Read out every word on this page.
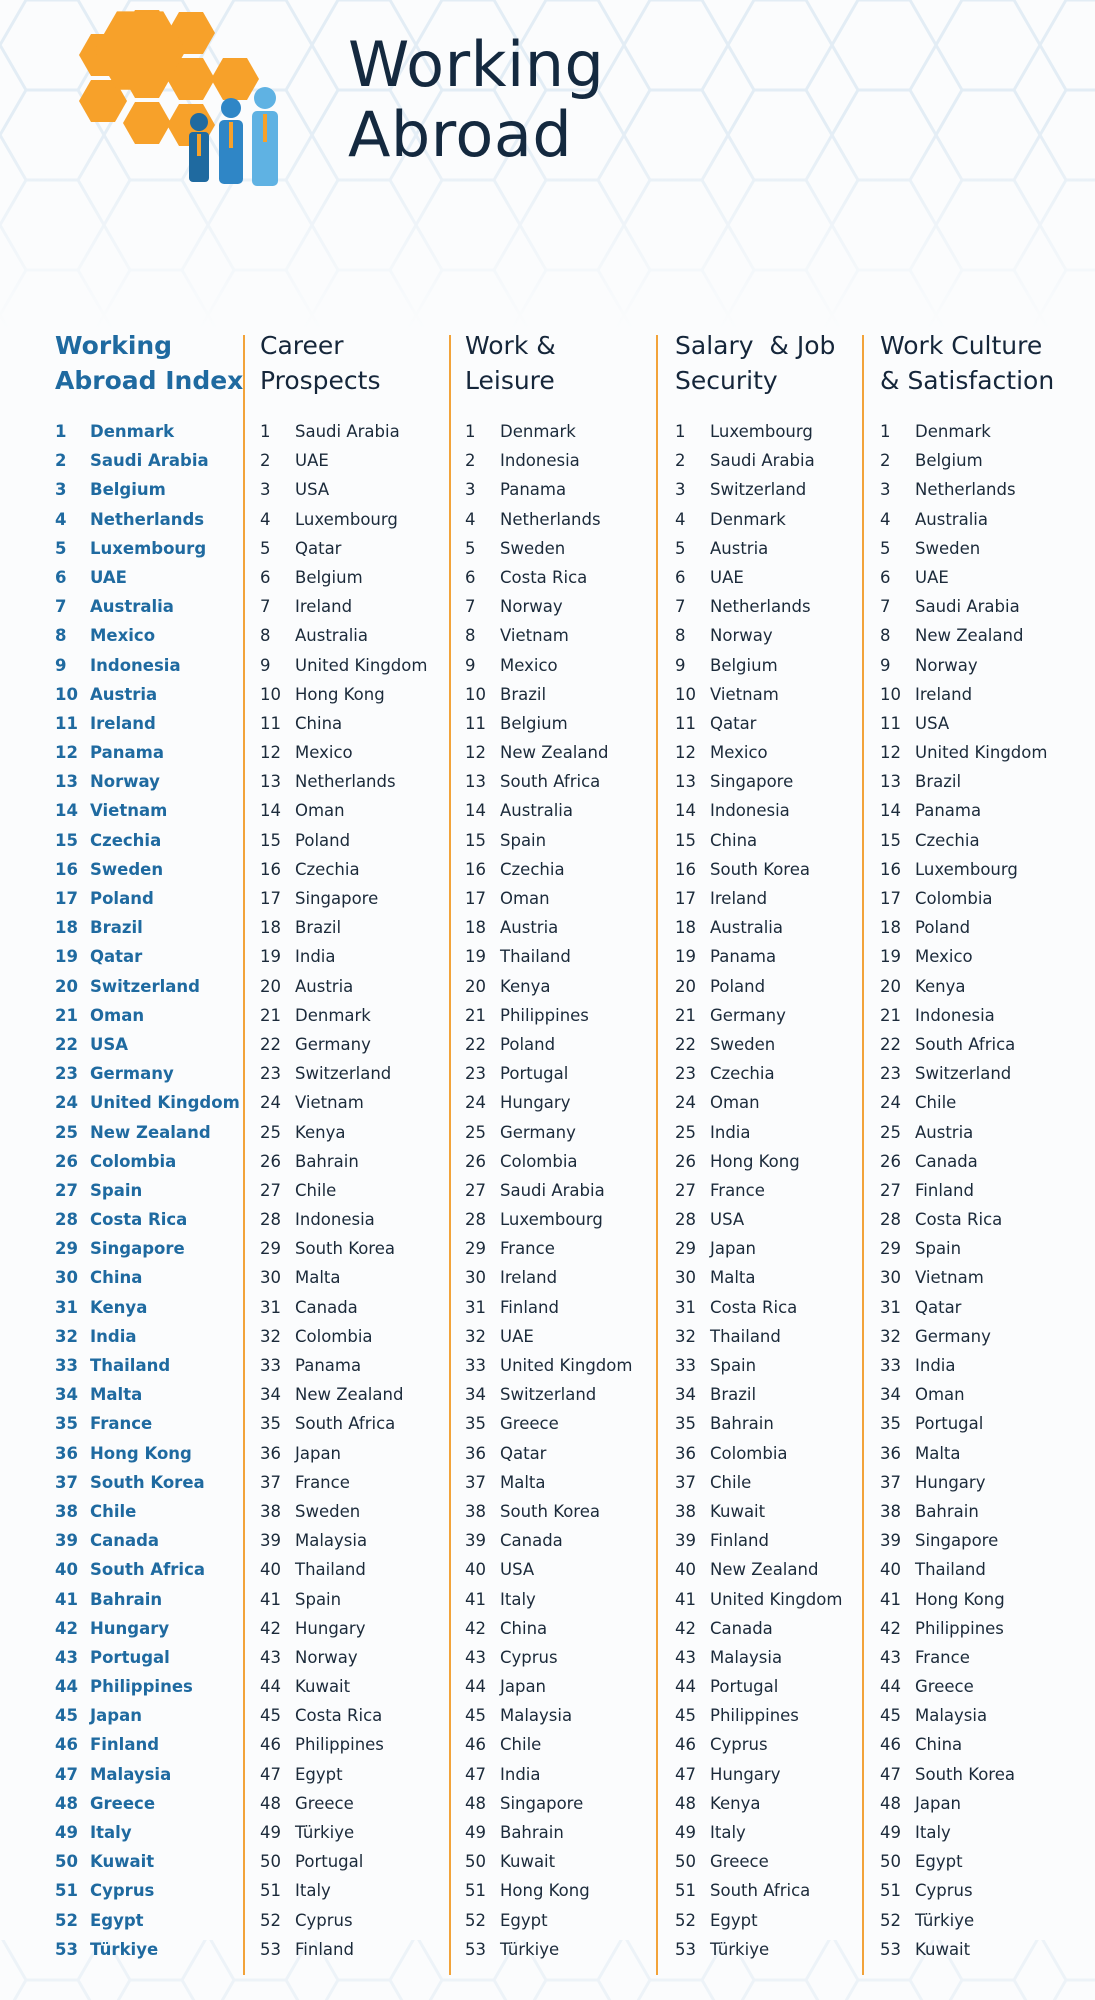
Working
Abroad
Working
Abroad Index
1 Denmark
2 Saudi Arabia
3 Belgium
4 Netherlands
5 Luxembourg
6 UAE
7 Australia
8 Mexico
9 Indonesia
10 Austria
11 Ireland
12 Panama
13 Norway
14 Vietnam
15 Czechia
16 Sweden
17 Poland
18 Brazil
19 Qatar
20 Switzerland
21 Oman
22 USA
23 Germany
24 United Kingdom
25 New Zealand
26 Colombia
27 Spain
28 Costa Rica
29 Singapore
30 China
31 Kenya
32 India
33 Thailand
34 Malta
35 France
36 Hong Kong
37 South Korea
38 Chile
39 Canada
40 South Africa
41 Bahrain
42 Hungary
43 Portugal
44 Philippines
45 Japan
46 Finland
47 Malaysia
48 Greece
49 Italy
50 Kuwait
51 Cyprus
52 Egypt
53 Türkiye
Career
Prospects
1 Saudi Arabia
2 UAE
3 USA
4 Luxembourg
5 Qatar
6 Belgium
7 Ireland
8 Australia
9 United Kingdom
10 Hong Kong
11 China
12 Mexico
13 Netherlands
14 Oman
15 Poland
16 Czechia
17 Singapore
18 Brazil
19 India
20 Austria
21 Denmark
22 Germany
23 Switzerland
24 Vietnam
25 Kenya
26 Bahrain
27 Chile
28 Indonesia
29 South Korea
30 Malta
31 Canada
32 Colombia
33 Panama
34 New Zealand
35 South Africa
36 Japan
37 France
38 Sweden
39 Malaysia
40 Thailand
41 Spain
42 Hungary
43 Norway
44 Kuwait
45 Costa Rica
46 Philippines
47 Egypt
48 Greece
49 Türkiye
50 Portugal
51 Italy
52 Cyprus
53 Finland
Work &
Leisure
1 Denmark
2 Indonesia
3 Panama
4 Netherlands
5 Sweden
6 Costa Rica
7 Norway
8 Vietnam
9 Mexico
10 Brazil
11 Belgium
12 New Zealand
13 South Africa
14 Australia
15 Spain
16 Czechia
17 Oman
18 Austria
19 Thailand
20 Kenya
21 Philippines
22 Poland
23 Portugal
24 Hungary
25 Germany
26 Colombia
27 Saudi Arabia
28 Luxembourg
29 France
30 Ireland
31 Finland
32 UAE
33 United Kingdom
34 Switzerland
35 Greece
36 Qatar
37 Malta
38 South Korea
39 Canada
40 USA
41 Italy
42 China
43 Cyprus
44 Japan
45 Malaysia
46 Chile
47 India
48 Singapore
49 Bahrain
50 Kuwait
51 Hong Kong
52 Egypt
53 Türkiye
Salary  & Job
Security
1 Luxembourg
2 Saudi Arabia
3 Switzerland
4 Denmark
5 Austria
6 UAE
7 Netherlands
8 Norway
9 Belgium
10 Vietnam
11 Qatar
12 Mexico
13 Singapore
14 Indonesia
15 China
16 South Korea
17 Ireland
18 Australia
19 Panama
20 Poland
21 Germany
22 Sweden
23 Czechia
24 Oman
25 India
26 Hong Kong
27 France
28 USA
29 Japan
30 Malta
31 Costa Rica
32 Thailand
33 Spain
34 Brazil
35 Bahrain
36 Colombia
37 Chile
38 Kuwait
39 Finland
40 New Zealand
41 United Kingdom
42 Canada
43 Malaysia
44 Portugal
45 Philippines
46 Cyprus
47 Hungary
48 Kenya
49 Italy
50 Greece
51 South Africa
52 Egypt
53 Türkiye
Work Culture
& Satisfaction
1 Denmark
2 Belgium
3 Netherlands
4 Australia
5 Sweden
6 UAE
7 Saudi Arabia
8 New Zealand
9 Norway
10 Ireland
11 USA
12 United Kingdom
13 Brazil
14 Panama
15 Czechia
16 Luxembourg
17 Colombia
18 Poland
19 Mexico
20 Kenya
21 Indonesia
22 South Africa
23 Switzerland
24 Chile
25 Austria
26 Canada
27 Finland
28 Costa Rica
29 Spain
30 Vietnam
31 Qatar
32 Germany
33 India
34 Oman
35 Portugal
36 Malta
37 Hungary
38 Bahrain
39 Singapore
40 Thailand
41 Hong Kong
42 Philippines
43 France
44 Greece
45 Malaysia
46 China
47 South Korea
48 Japan
49 Italy
50 Egypt
51 Cyprus
52 Türkiye
53 Kuwait
